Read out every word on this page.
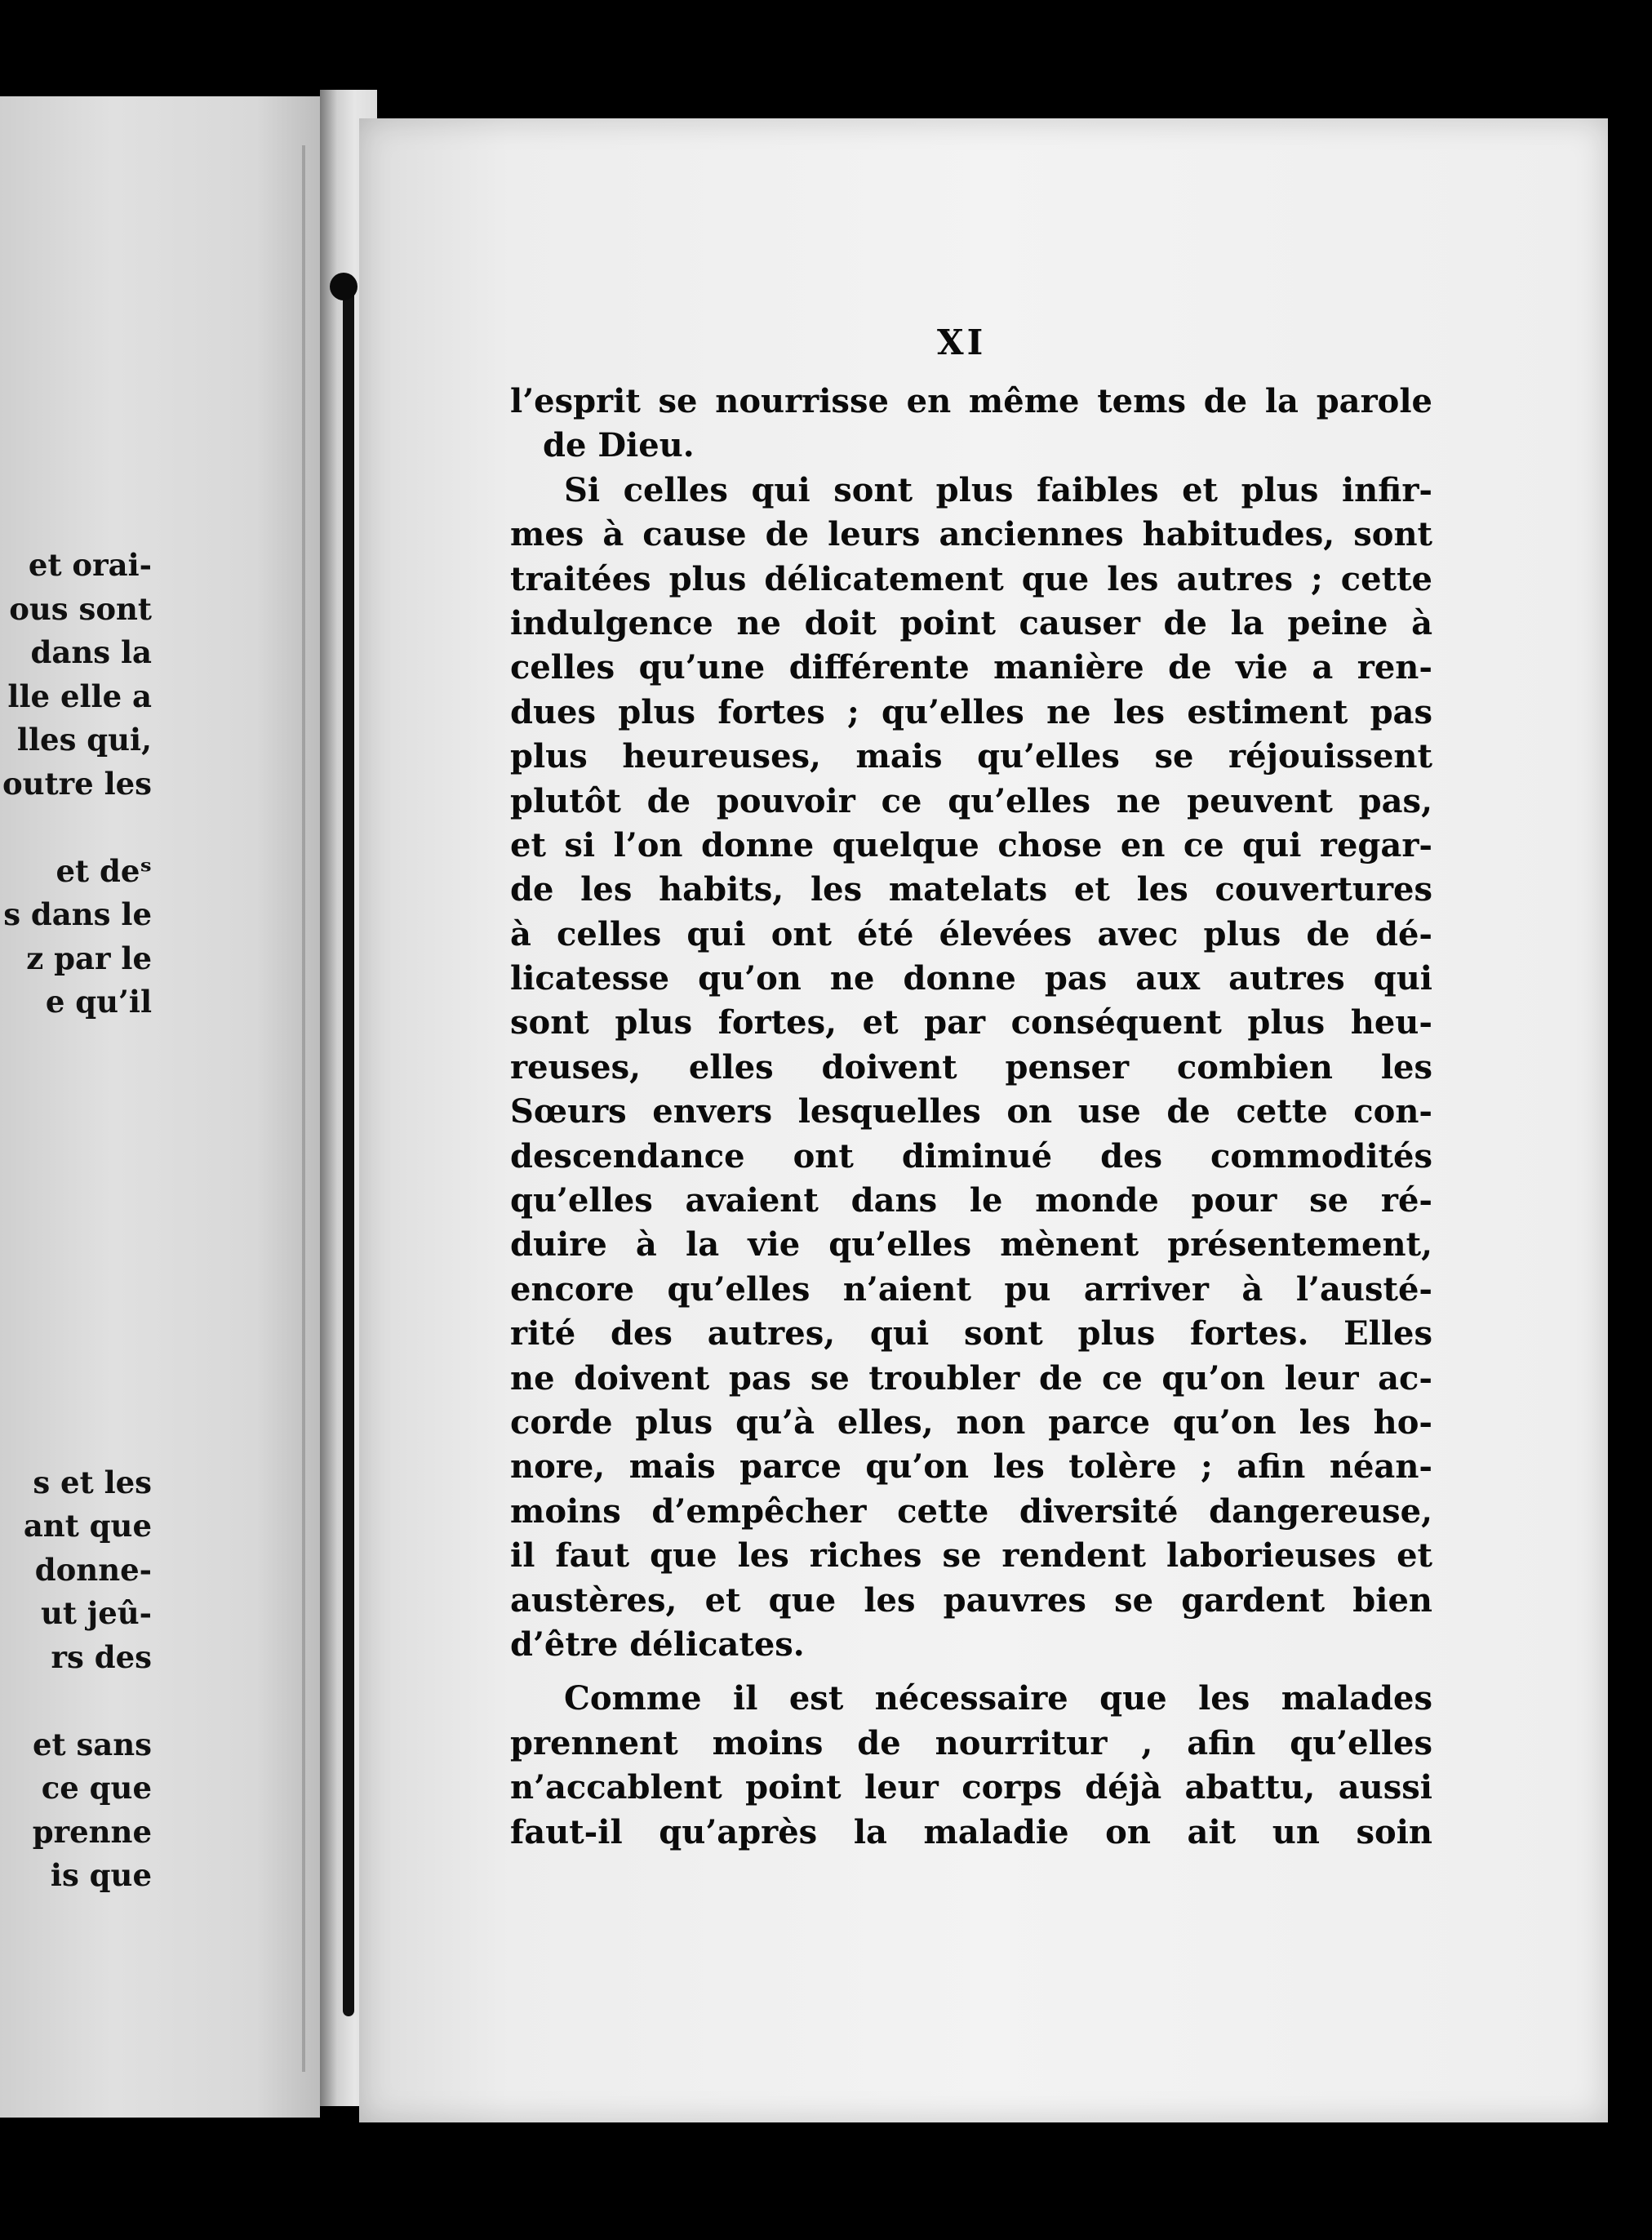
et orai-
ous sont
dans la
lle elle a
lles qui,
outre les
et deˢ
s dans le
z par le
e qu’il
s et les
ant que
donne-
ut jeû-
rs des
et sans
ce que
prenne
is que
XI
l’esprit se nourrisse en même tems de la parole
de Dieu.
Si celles qui sont plus faibles et plus infir-
mes à cause de leurs anciennes habitudes, sont
traitées plus délicatement que les autres ; cette
indulgence ne doit point causer de la peine à
celles qu’une différente manière de vie a ren-
dues plus fortes ; qu’elles ne les estiment pas
plus heureuses, mais qu’elles se réjouissent
plutôt de pouvoir ce qu’elles ne peuvent pas,
et si l’on donne quelque chose en ce qui regar-
de les habits, les matelats et les couvertures
à celles qui ont été élevées avec plus de dé-
licatesse qu’on ne donne pas aux autres qui
sont plus fortes, et par conséquent plus heu-
reuses, elles doivent penser combien les
Sœurs envers lesquelles on use de cette con-
descendance ont diminué des commodités
qu’elles avaient dans le monde pour se ré-
duire à la vie qu’elles mènent présentement,
encore qu’elles n’aient pu arriver à l’austé-
rité des autres, qui sont plus fortes. Elles
ne doivent pas se troubler de ce qu’on leur ac-
corde plus qu’à elles, non parce qu’on les ho-
nore, mais parce qu’on les tolère ; afin néan-
moins d’empêcher cette diversité dangereuse,
il faut que les riches se rendent laborieuses et
austères, et que les pauvres se gardent bien
d’être délicates.
Comme il est nécessaire que les malades
prennent moins de nourritur , afin qu’elles
n’accablent point leur corps déjà abattu, aussi
faut-il qu’après la maladie on ait un soin
